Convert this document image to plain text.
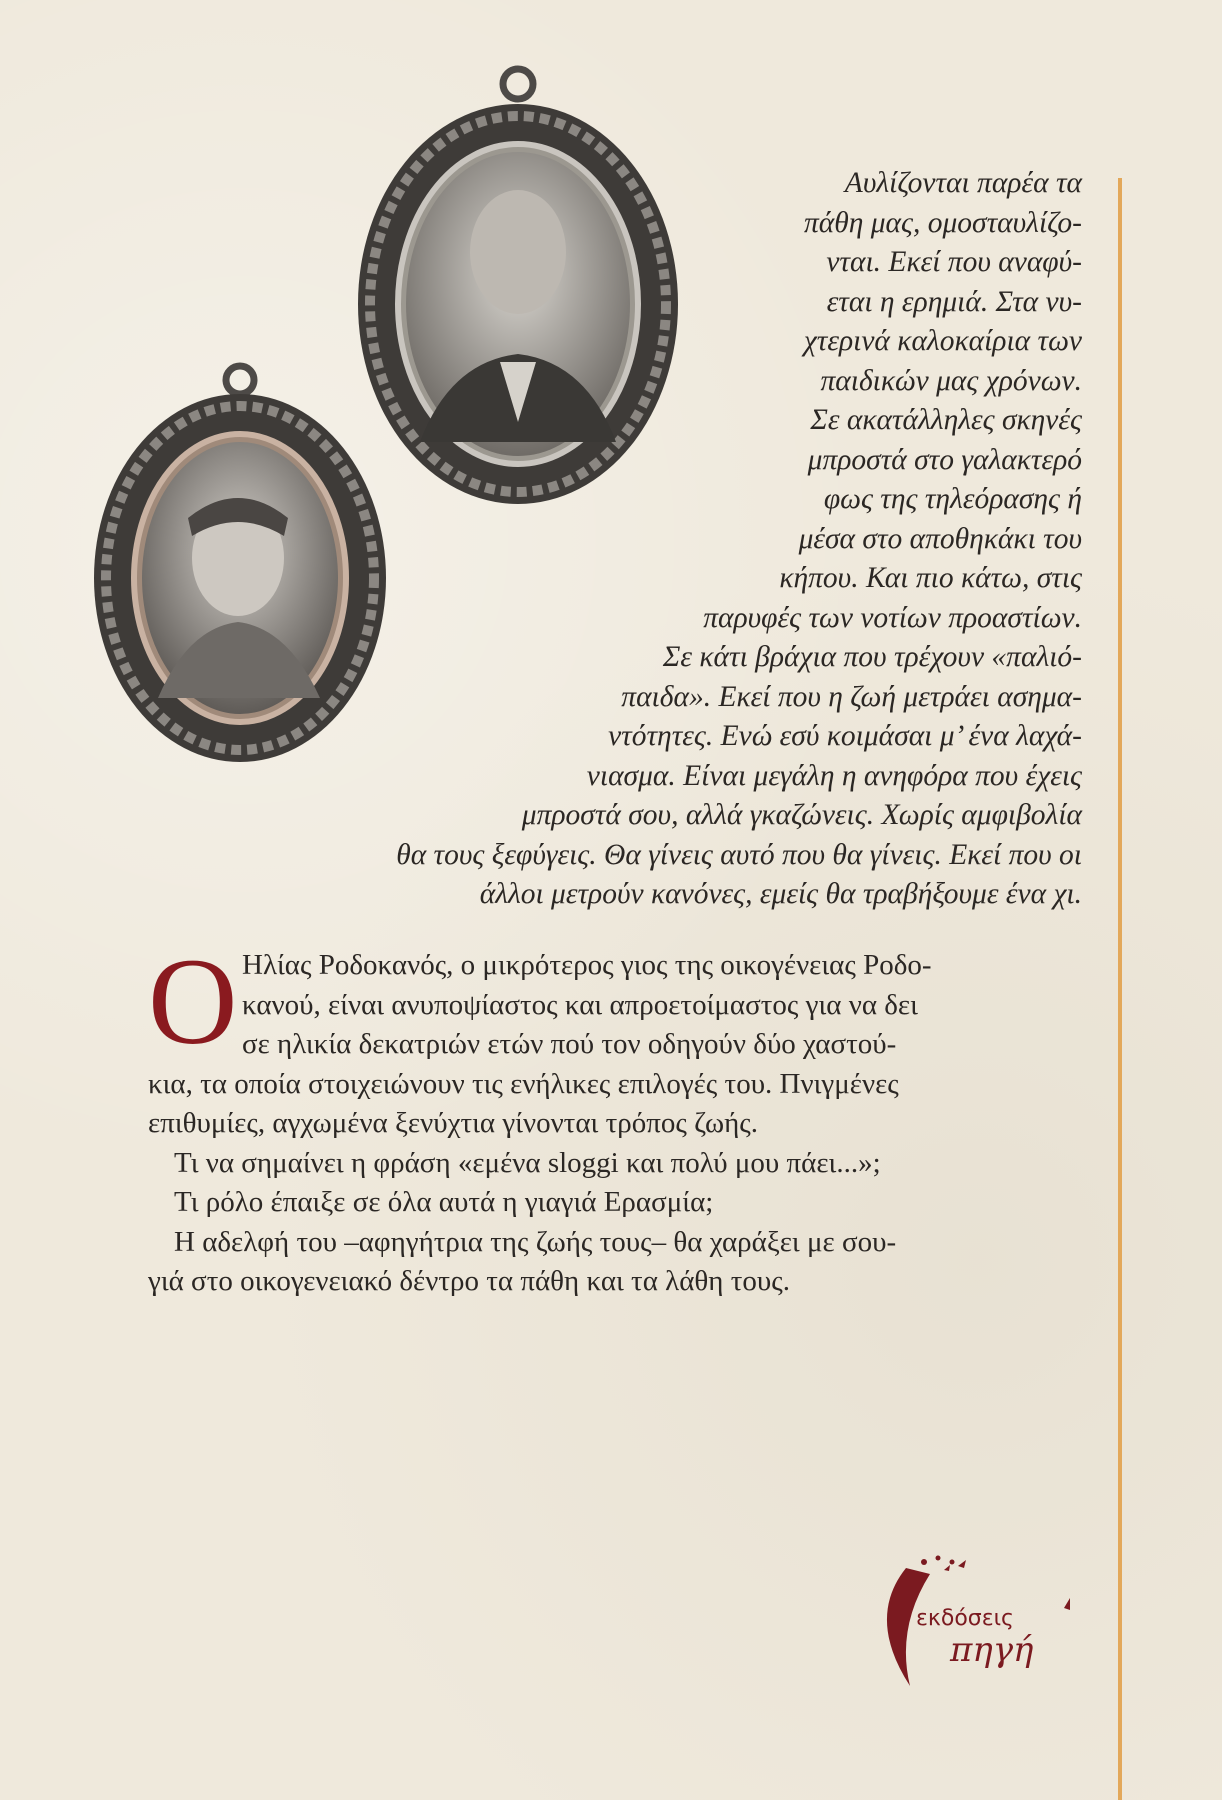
Αυλίζονται παρέα τα
πάθη μας, ομοσταυλίζο-
νται. Εκεί που αναφύ-
εται η ερημιά. Στα νυ-
χτερινά καλοκαίρια των
παιδικών μας χρόνων.
Σε ακατάλληλες σκηνές
μπροστά στο γαλακτερό
φως της τηλεόρασης ή
μέσα στο αποθηκάκι του
κήπου. Και πιο κάτω, στις
παρυφές των νοτίων προαστίων.
Σε κάτι βράχια που τρέχουν «παλιό-
παιδα». Εκεί που η ζωή μετράει ασημα-
ντότητες. Ενώ εσύ κοιμάσαι μ’ ένα λαχά-
νιασμα. Είναι μεγάλη η ανηφόρα που έχεις
μπροστά σου, αλλά γκαζώνεις. Χωρίς αμφιβολία
θα τους ξεφύγεις. Θα γίνεις αυτό που θα γίνεις. Εκεί που οι
άλλοι μετρούν κανόνες, εμείς θα τραβήξουμε ένα χι.
Ο Ηλίας Ροδοκανός, ο μικρότερος γιος της οικογένειας Ροδο-
κανού, είναι ανυποψίαστος και απροετοίμαστος για να δει
σε ηλικία δεκατριών ετών πού τον οδηγούν δύο χαστού-
κια, τα οποία στοιχειώνουν τις ενήλικες επιλογές του. Πνιγμένες
επιθυμίες, αγχωμένα ξενύχτια γίνονται τρόπος ζωής.
Τι να σημαίνει η φράση «εμένα sloggi και πολύ μου πάει...»;
Τι ρόλο έπαιξε σε όλα αυτά η γιαγιά Ερασμία;
Η αδελφή του –αφηγήτρια της ζωής τους– θα χαράξει με σου-
γιά στο οικογενειακό δέντρο τα πάθη και τα λάθη τους.
εκδόσεις
πηγή
